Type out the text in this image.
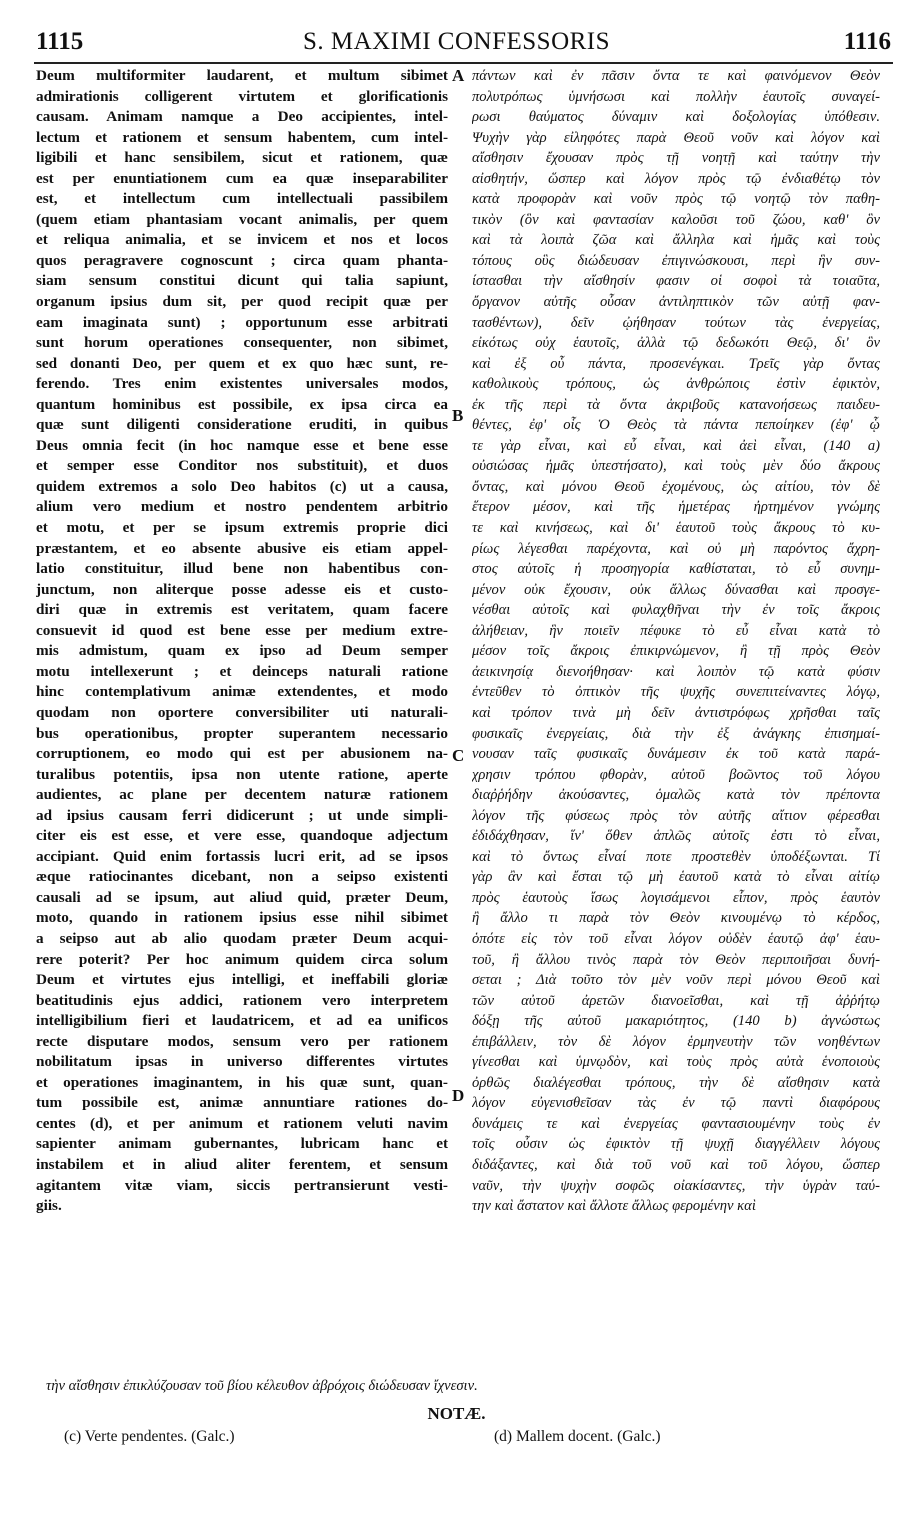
1115	S. MAXIMI CONFESSORIS	1116
Deum multiformiter laudarent, et multum sibimet
admirationis colligerent virtutem et glorificationis
causam. Animam namque a Deo accipientes, intel-
lectum et rationem et sensum habentem, cum intel-
ligibili et hanc sensibilem, sicut et rationem, quæ
est per enuntiationem cum ea quæ inseparabiliter
est, et intellectum cum intellectuali passibilem
(quem etiam phantasiam vocant animalis, per quem
et reliqua animalia, et se invicem et nos et locos
quos peragravere cognoscunt ; circa quam phanta-
siam sensum constitui dicunt qui talia sapiunt,
organum ipsius dum sit, per quod recipit quæ per
eam imaginata sunt) ; opportunum esse arbitrati
sunt horum operationes consequenter, non sibimet,
sed donanti Deo, per quem et ex quo hæc sunt, re-
ferendo. Tres enim existentes universales modos,
quantum hominibus est possibile, ex ipsa circa ea
quæ sunt diligenti consideratione eruditi, in quibus
Deus omnia fecit (in hoc namque esse et bene esse
et semper esse Conditor nos substituit), et duos
quidem extremos a solo Deo habitos (c) ut a causa,
alium vero medium et nostro pendentem arbitrio
et motu, et per se ipsum extremis proprie dici
præstantem, et eo absente abusive eis etiam appel-
latio constituitur, illud bene non habentibus con-
junctum, non aliterque posse adesse eis et custo-
diri quæ in extremis est veritatem, quam facere
consuevit id quod est bene esse per medium extre-
mis admistum, quam ex ipso ad Deum semper
motu intellexerunt ; et deinceps naturali ratione
hinc contemplativum animæ extendentes, et modo
quodam non oportere conversibiliter uti naturali-
bus operationibus, propter superantem necessario
corruptionem, eo modo qui est per abusionem na-
turalibus potentiis, ipsa non utente ratione, aperte
audientes, ac plane per decentem naturæ rationem
ad ipsius causam ferri didicerunt ; ut unde simpli-
citer eis est esse, et vere esse, quandoque adjectum
accipiant. Quid enim fortassis lucri erit, ad se ipsos
æque ratiocinantes dicebant, non a seipso existenti
causali ad se ipsum, aut aliud quid, præter Deum,
moto, quando in rationem ipsius esse nihil sibimet
a seipso aut ab alio quodam præter Deum acqui-
rere poterit? Per hoc animum quidem circa solum
Deum et virtutes ejus intelligi, et ineffabili gloriæ
beatitudinis ejus addici, rationem vero interpretem
intelligibilium fieri et laudatricem, et ad ea unificos
recte disputare modos, sensum vero per rationem
nobilitatum ipsas in universo differentes virtutes
et operationes imaginantem, in his quæ sunt, quan-
tum possibile est, animæ annuntiare rationes do-
centes (d), et per animum et rationem veluti navim
sapienter animam gubernantes, lubricam hanc et
instabilem et in aliud aliter ferentem, et sensum
agitantem vitæ viam, siccis pertransierunt vesti-
giis.
πάντων καὶ ἐν πᾶσιν ὄντα τε καὶ φαινόμενον Θεὸν
πολυτρόπως ὑμνήσωσι καὶ πολλὴν ἑαυτοῖς συναγεί-
ρωσι θαύματος δύναμιν καὶ δοξολογίας ὑπόθεσιν.
Ψυχὴν γὰρ εἰληφότες παρὰ Θεοῦ νοῦν καὶ λόγον καὶ
αἴσθησιν ἔχουσαν πρὸς τῇ νοητῇ καὶ ταύτην τὴν
αἰσθητήν, ὥσπερ καὶ λόγον πρὸς τῷ ἐνδιαθέτῳ τὸν
κατὰ προφορὰν καὶ νοῦν πρὸς τῷ νοητῷ τὸν παθη-
τικὸν (ὃν καὶ φαντασίαν καλοῦσι τοῦ ζώου, καθ' ὃν
καὶ τὰ λοιπὰ ζῶα καὶ ἄλληλα καὶ ἡμᾶς καὶ τοὺς
τόπους οὓς διώδευσαν ἐπιγινώσκουσι, περὶ ἣν συν-
ίστασθαι τὴν αἴσθησίν φασιν οἱ σοφοὶ τὰ τοιαῦτα,
ὄργανον αὐτῆς οὖσαν ἀντιληπτικὸν τῶν αὐτῇ φαν-
τασθέντων), δεῖν ᾠήθησαν τούτων τὰς ἐνεργείας,
εἰκότως οὐχ ἑαυτοῖς, ἀλλὰ τῷ δεδωκότι Θεῷ, δι' ὃν
καὶ ἐξ οὗ πάντα, προσενέγκαι. Τρεῖς γὰρ ὄντας
καθολικοὺς τρόπους, ὡς ἀνθρώποις ἐστὶν ἐφικτὸν,
ἐκ τῆς περὶ τὰ ὄντα ἀκριβοῦς κατανοήσεως παιδευ-
θέντες, ἐφ' οἷς Ὁ Θεὸς τὰ πάντα πεποίηκεν (ἐφ' ᾧ
τε γὰρ εἶναι, καὶ εὖ εἶναι, καὶ ἀεὶ εἶναι, (140 a)
οὐσιώσας ἡμᾶς ὑπεστήσατο), καὶ τοὺς μὲν δύο ἄκρους
ὄντας, καὶ μόνου Θεοῦ ἐχομένους, ὡς αἰτίου, τὸν δὲ
ἕτερον μέσον, καὶ τῆς ἡμετέρας ἠρτημένον γνώμης
τε καὶ κινήσεως, καὶ δι' ἑαυτοῦ τοὺς ἄκρους τὸ κυ-
ρίως λέγεσθαι παρέχοντα, καὶ οὐ μὴ παρόντος ἄχρη-
στος αὐτοῖς ἡ προσηγορία καθίσταται, τὸ εὖ συνημ-
μένον οὐκ ἔχουσιν, οὐκ ἄλλως δύνασθαι καὶ προσγε-
νέσθαι αὐτοῖς καὶ φυλαχθῆναι τὴν ἐν τοῖς ἄκροις
ἀλήθειαν, ἣν ποιεῖν πέφυκε τὸ εὖ εἶναι κατὰ τὸ
μέσον τοῖς ἄκροις ἐπικιρνώμενον, ἢ τῇ πρὸς Θεὸν
ἀεικινησίᾳ διενοήθησαν· καὶ λοιπὸν τῷ κατὰ φύσιν
ἐντεῦθεν τὸ ὀπτικὸν τῆς ψυχῆς συνεπιτείναντες λόγῳ,
καὶ τρόπον τινὰ μὴ δεῖν ἀντιστρόφως χρῆσθαι ταῖς
φυσικαῖς ἐνεργείαις, διὰ τὴν ἐξ ἀνάγκης ἐπισημαί-
νουσαν ταῖς φυσικαῖς δυνάμεσιν ἐκ τοῦ κατὰ παρά-
χρησιν τρόπου φθορὰν, αὐτοῦ βοῶντος τοῦ λόγου
διαῤῥήδην ἀκούσαντες, ὁμαλῶς κατὰ τὸν πρέποντα
λόγον τῆς φύσεως πρὸς τὸν αὐτῆς αἴτιον φέρεσθαι
ἐδιδάχθησαν, ἵν' ὅθεν ἁπλῶς αὐτοῖς ἐστι τὸ εἶναι,
καὶ τὸ ὄντως εἶναί ποτε προστεθὲν ὑποδέξωνται. Τί
γὰρ ἂν καὶ ἔσται τῷ μὴ ἑαυτοῦ κατὰ τὸ εἶναι αἰτίῳ
πρὸς ἑαυτοὺς ἴσως λογισάμενοι εἶπον, πρὸς ἑαυτὸν
ἢ ἄλλο τι παρὰ τὸν Θεὸν κινουμένῳ τὸ κέρδος,
ὁπότε εἰς τὸν τοῦ εἶναι λόγον οὐδὲν ἑαυτῷ ἀφ' ἑαυ-
τοῦ, ἢ ἄλλου τινὸς παρὰ τὸν Θεὸν περιποιῆσαι δυνή-
σεται ; Διὰ τοῦτο τὸν μὲν νοῦν περὶ μόνου Θεοῦ καὶ
τῶν αὐτοῦ ἀρετῶν διανοεῖσθαι, καὶ τῇ ἀῤῥήτῳ
δόξῃ τῆς αὐτοῦ μακαριότητος, (140 b) ἀγνώστως
ἐπιβάλλειν, τὸν δὲ λόγον ἑρμηνευτὴν τῶν νοηθέντων
γίνεσθαι καὶ ὑμνῳδὸν, καὶ τοὺς πρὸς αὐτὰ ἑνοποιοὺς
ὀρθῶς διαλέγεσθαι τρόπους, τὴν δὲ αἴσθησιν κατὰ
λόγον εὐγενισθεῖσαν τὰς ἐν τῷ παντὶ διαφόρους
δυνάμεις τε καὶ ἐνεργείας φαντασιουμένην τοὺς ἐν
τοῖς οὖσιν ὡς ἐφικτὸν τῇ ψυχῇ διαγγέλλειν λόγους
διδάξαντες, καὶ διὰ τοῦ νοῦ καὶ τοῦ λόγου, ὥσπερ
ναῦν, τὴν ψυχὴν σοφῶς οἰακίσαντες, τὴν ὑγρὰν ταύ-
την καὶ ἄστατον καὶ ἄλλοτε ἄλλως φερομένην καὶ
A
B
C
D
τὴν αἴσθησιν ἐπικλύζουσαν τοῦ βίου κέλευθον ἀβρόχοις διώδευσαν ἴχνεσιν.
NOTÆ.
(c) Verte pendentes. (Galc.)	(d) Mallem docent. (Galc.)
